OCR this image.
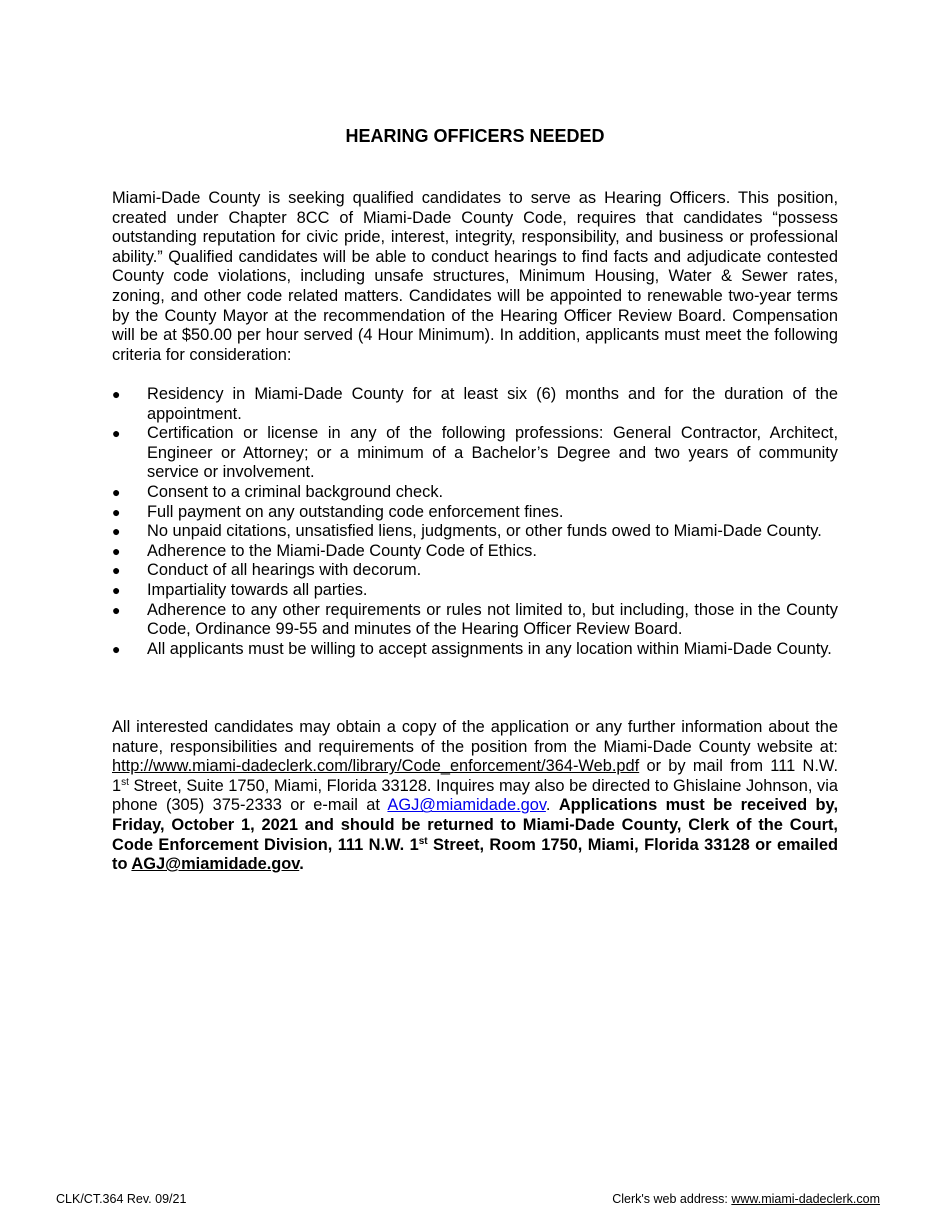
HEARING OFFICERS NEEDED
Miami-Dade County is seeking qualified candidates to serve as Hearing Officers. This position, created under Chapter 8CC of Miami-Dade County Code, requires that candidates “possess outstanding reputation for civic pride, interest, integrity, responsibility, and business or professional ability.” Qualified candidates will be able to conduct hearings to find facts and adjudicate contested County code violations, including unsafe structures, Minimum Housing, Water & Sewer rates, zoning, and other code related matters. Candidates will be appointed to renewable two-year terms by the County Mayor at the recommendation of the Hearing Officer Review Board. Compensation will be at $50.00 per hour served (4 Hour Minimum). In addition, applicants must meet the following criteria for consideration:
●	Residency in Miami-Dade County for at least six (6) months and for the duration of the appointment.
●	Certification or license in any of the following professions: General Contractor, Architect, Engineer or Attorney; or a minimum of a Bachelor’s Degree and two years of community service or involvement.
●	Consent to a criminal background check.
●	Full payment on any outstanding code enforcement fines.
●	No unpaid citations, unsatisfied liens, judgments, or other funds owed to Miami-Dade County.
●	Adherence to the Miami-Dade County Code of Ethics.
●	Conduct of all hearings with decorum.
●	Impartiality towards all parties.
●	Adherence to any other requirements or rules not limited to, but including, those in the County Code, Ordinance 99-55 and minutes of the Hearing Officer Review Board.
●	All applicants must be willing to accept assignments in any location within Miami-Dade County.
All interested candidates may obtain a copy of the application or any further information about the nature, responsibilities and requirements of the position from the Miami-Dade County website at: http://www.miami-dadeclerk.com/library/Code_enforcement/364-Web.pdf or by mail from 111 N.W. 1st Street, Suite 1750, Miami, Florida 33128. Inquires may also be directed to Ghislaine Johnson, via phone (305) 375-2333 or e-mail at AGJ@miamidade.gov. Applications must be received by, Friday, October 1, 2021 and should be returned to Miami-Dade County, Clerk of the Court, Code Enforcement Division, 111 N.W. 1st Street, Room 1750, Miami, Florida 33128 or emailed to AGJ@miamidade.gov.
CLK/CT.364 Rev. 09/21	Clerk's web address: www.miami-dadeclerk.com
